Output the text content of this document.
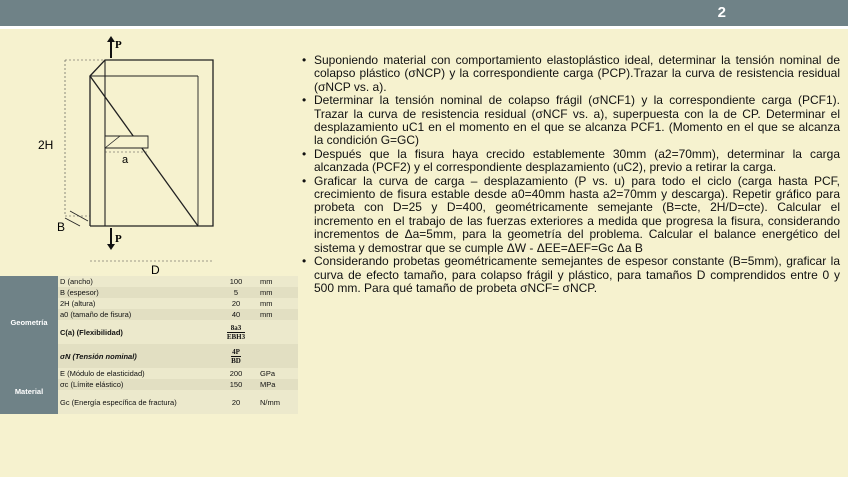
2
P
P
2H
a
B
D
Geometría	D (ancho)	100	mm
	B (espesor)	5	mm
	2H (altura)	20	mm
	a0 (tamaño de fisura)	40	mm
	C(a) (Flexibilidad)	$\frac{8a3}{\text{EBH3}}$

	σN (Tensión nominal)	$\frac{4P}{BD}$

Material	E (Módulo de elasticidad)	200	GPa
	σc (Límite elástico)	150	MPa
	Gc (Energía específica de fractura)	20	N/mm
• Suponiendo material con comportamiento elastoplástico ideal, determinar la tensión nominal de colapso plástico (σNCP) y la correspondiente carga (PCP).Trazar la curva de resistencia residual (σNCP vs. a).
• Determinar la tensión nominal de colapso frágil (σNCF1) y la correspondiente carga (PCF1). Trazar la curva de resistencia residual (σNCF vs. a), superpuesta con la de CP. Determinar el desplazamiento uC1 en el momento en el que se alcanza PCF1. (Momento en el que se alcanza la condición G=GC)
• Después que la fisura haya crecido establemente 30mm (a2=70mm), determinar la carga alcanzada (PCF2) y el correspondiente desplazamiento (uC2), previo a retirar la carga.
• Graficar la curva de carga – desplazamiento (P vs. u) para todo el ciclo (carga hasta PCF, crecimiento de fisura estable desde a0=40mm hasta a2=70mm y descarga). Repetir gráfico para probeta con D=25 y D=400, geométricamente semejante (B=cte, 2H/D=cte). Calcular el incremento en el trabajo de las fuerzas exteriores a medida que progresa la fisura, considerando incrementos de Δa=5mm, para la geometría del problema. Calcular el balance energético del sistema y demostrar que se cumple ΔW - ΔEE=ΔEF=Gc Δa B
• Considerando probetas geométricamente semejantes de espesor constante (B=5mm), graficar la curva de efecto tamaño, para colapso frágil y plástico, para tamaños D comprendidos entre 0 y 500 mm. Para qué tamaño de probeta σNCF= σNCP.
